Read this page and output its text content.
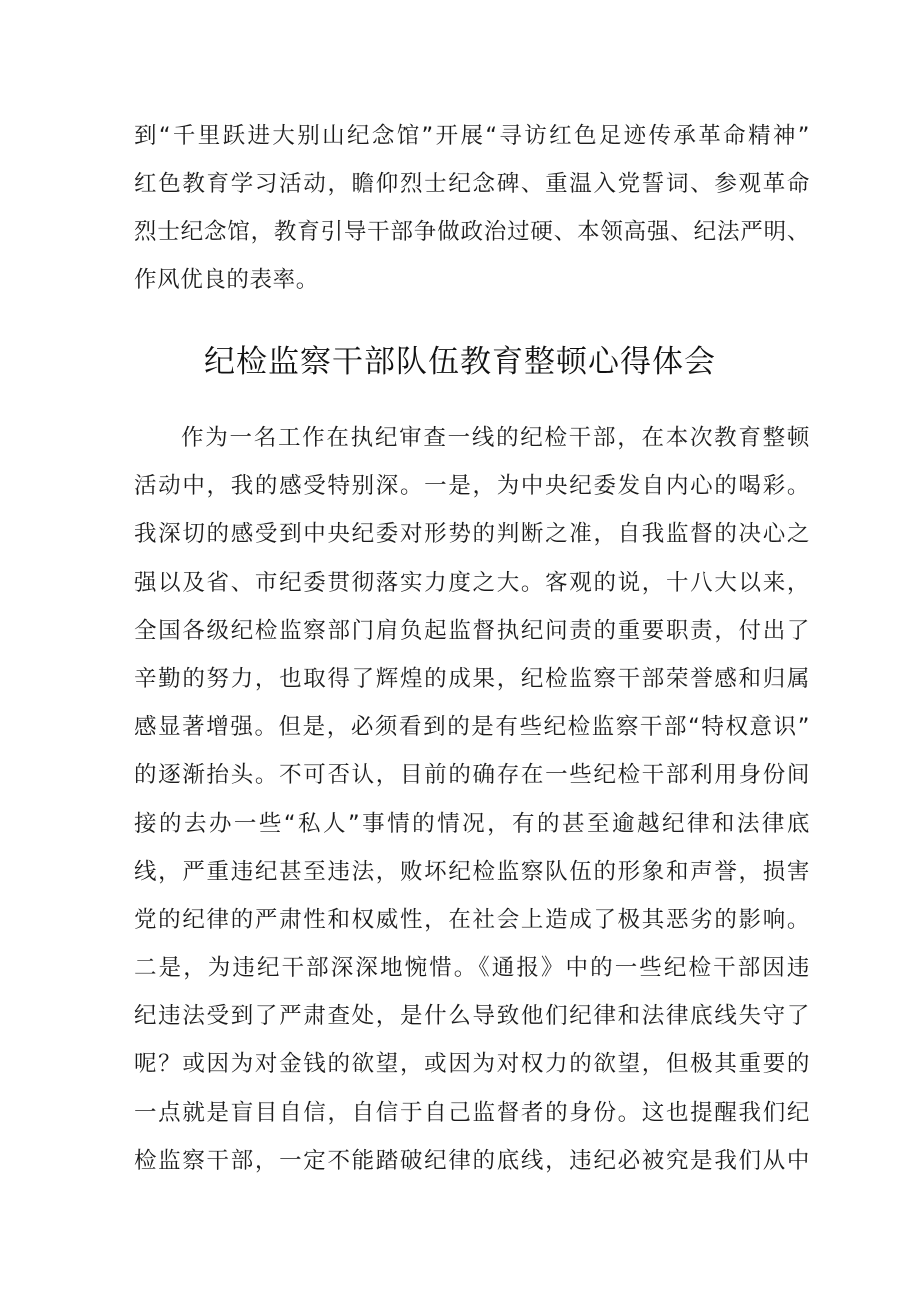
到“千里跃进大别山纪念馆”开展“寻访红色足迹传承革命精神”
红色教育学习活动，瞻仰烈士纪念碑、重温入党誓词、参观革命
烈士纪念馆，教育引导干部争做政治过硬、本领高强、纪法严明、
作风优良的表率。
纪检监察干部队伍教育整顿心得体会
作为一名工作在执纪审查一线的纪检干部，在本次教育整顿
活动中，我的感受特别深。一是，为中央纪委发自内心的喝彩。
我深切的感受到中央纪委对形势的判断之准，自我监督的决心之
强以及省、市纪委贯彻落实力度之大。客观的说，十八大以来，
全国各级纪检监察部门肩负起监督执纪问责的重要职责，付出了
辛勤的努力，也取得了辉煌的成果，纪检监察干部荣誉感和归属
感显著增强。但是，必须看到的是有些纪检监察干部“特权意识”
的逐渐抬头。不可否认，目前的确存在一些纪检干部利用身份间
接的去办一些“私人”事情的情况，有的甚至逾越纪律和法律底
线，严重违纪甚至违法，败坏纪检监察队伍的形象和声誉，损害
党的纪律的严肃性和权威性，在社会上造成了极其恶劣的影响。
二是，为违纪干部深深地惋惜。《通报》中的一些纪检干部因违
纪违法受到了严肃查处，是什么导致他们纪律和法律底线失守了
呢？或因为对金钱的欲望，或因为对权力的欲望，但极其重要的
一点就是盲目自信，自信于自己监督者的身份。这也提醒我们纪
检监察干部，一定不能踏破纪律的底线，违纪必被究是我们从中
